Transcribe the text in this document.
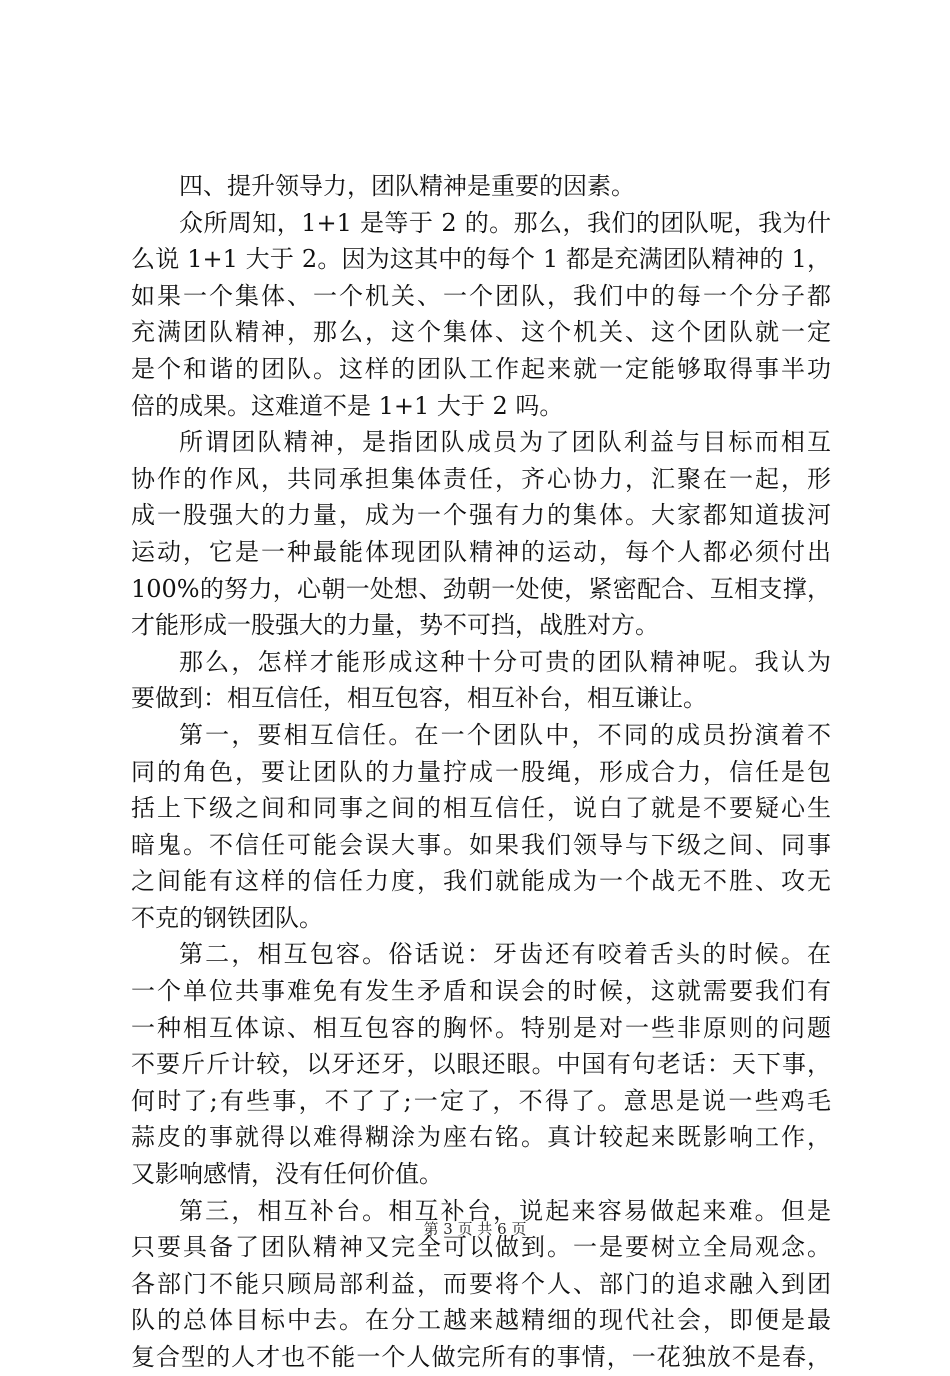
四、提升领导力，团队精神是重要的因素。
众所周知，1+1 是等于 2 的。那么，我们的团队呢，我为什
么说 1+1 大于 2。因为这其中的每个 1 都是充满团队精神的 1，
如果一个集体、一个机关、一个团队，我们中的每一个分子都
充满团队精神，那么，这个集体、这个机关、这个团队就一定
是个和谐的团队。这样的团队工作起来就一定能够取得事半功
倍的成果。这难道不是 1+1 大于 2 吗。
所谓团队精神，是指团队成员为了团队利益与目标而相互
协作的作风，共同承担集体责任，齐心协力，汇聚在一起，形
成一股强大的力量，成为一个强有力的集体。大家都知道拔河
运动，它是一种最能体现团队精神的运动，每个人都必须付出
100%的努力，心朝一处想、劲朝一处使，紧密配合、互相支撑，
才能形成一股强大的力量，势不可挡，战胜对方。
那么，怎样才能形成这种十分可贵的团队精神呢。我认为
要做到：相互信任，相互包容，相互补台，相互谦让。
第一，要相互信任。在一个团队中，不同的成员扮演着不
同的角色，要让团队的力量拧成一股绳，形成合力，信任是包
括上下级之间和同事之间的相互信任，说白了就是不要疑心生
暗鬼。不信任可能会误大事。如果我们领导与下级之间、同事
之间能有这样的信任力度，我们就能成为一个战无不胜、攻无
不克的钢铁团队。
第二，相互包容。俗话说：牙齿还有咬着舌头的时候。在
一个单位共事难免有发生矛盾和误会的时候，这就需要我们有
一种相互体谅、相互包容的胸怀。特别是对一些非原则的问题
不要斤斤计较，以牙还牙，以眼还眼。中国有句老话：天下事，
何时了;有些事，不了了;一定了，不得了。意思是说一些鸡毛
蒜皮的事就得以难得糊涂为座右铭。真计较起来既影响工作，
又影响感情，没有任何价值。
第三，相互补台。相互补台，说起来容易做起来难。但是
只要具备了团队精神又完全可以做到。一是要树立全局观念。
各部门不能只顾局部利益，而要将个人、部门的追求融入到团
队的总体目标中去。在分工越来越精细的现代社会，即便是最
复合型的人才也不能一个人做完所有的事情，一花独放不是春，
第 3 页 共 6 页
